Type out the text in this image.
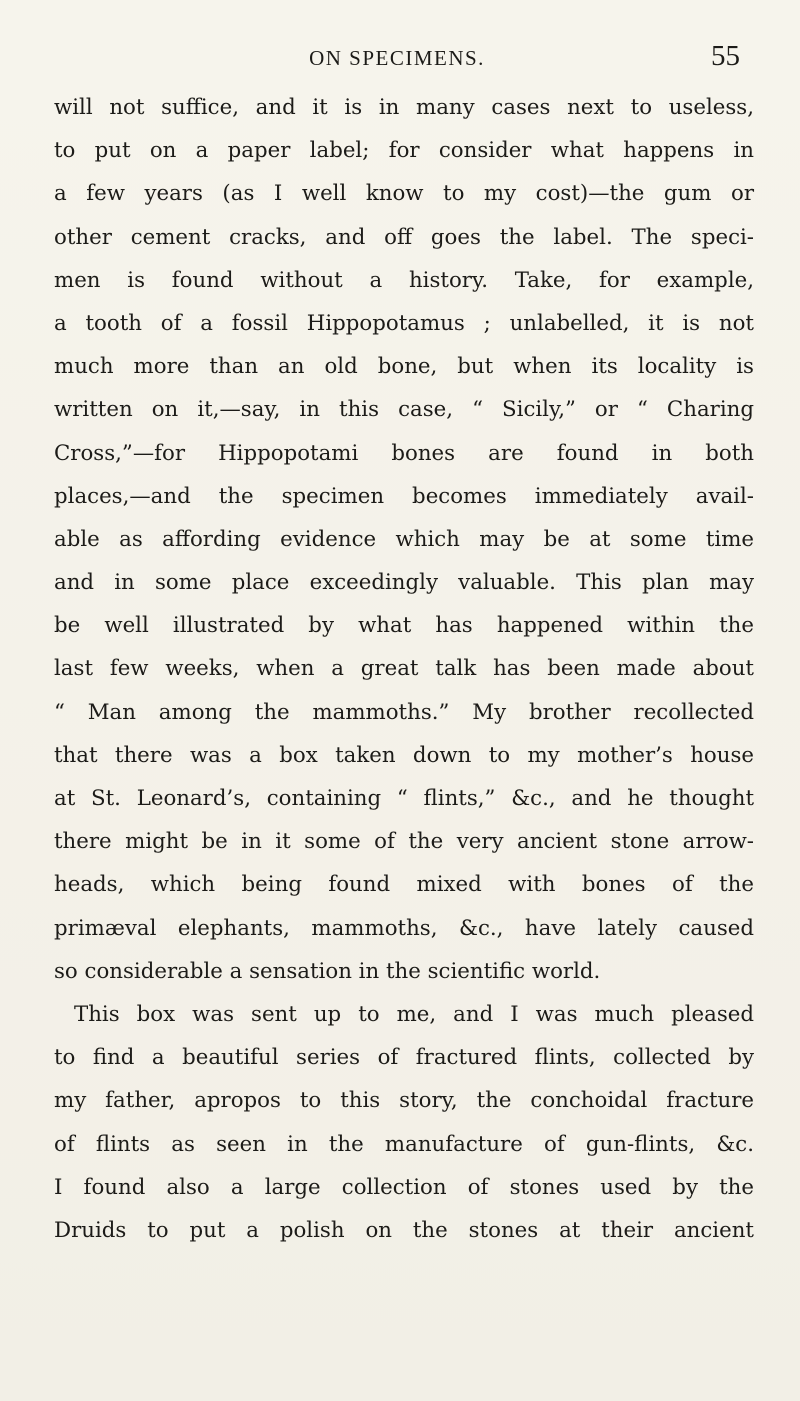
ON SPECIMENS.	55
will not suffice, and it is in many cases next to useless,
to put on a paper label; for consider what happens in
a few years (as I well know to my cost)—the gum or
other cement cracks, and off goes the label. The speci-
men is found without a history. Take, for example,
a tooth of a fossil Hippopotamus ; unlabelled, it is not
much more than an old bone, but when its locality is
written on it,—say, in this case, “ Sicily,” or “ Charing
Cross,”—for Hippopotami bones are found in both
places,—and the specimen becomes immediately avail-
able as affording evidence which may be at some time
and in some place exceedingly valuable. This plan may
be well illustrated by what has happened within the
last few weeks, when a great talk has been made about
“ Man among the mammoths.” My brother recollected
that there was a box taken down to my mother’s house
at St. Leonard’s, containing “ flints,” &c., and he thought
there might be in it some of the very ancient stone arrow-
heads, which being found mixed with bones of the
primæval elephants, mammoths, &c., have lately caused
so considerable a sensation in the scientific world.
This box was sent up to me, and I was much pleased
to find a beautiful series of fractured flints, collected by
my father, apropos to this story, the conchoidal fracture
of flints as seen in the manufacture of gun-flints, &c.
I found also a large collection of stones used by the
Druids to put a polish on the stones at their ancient
